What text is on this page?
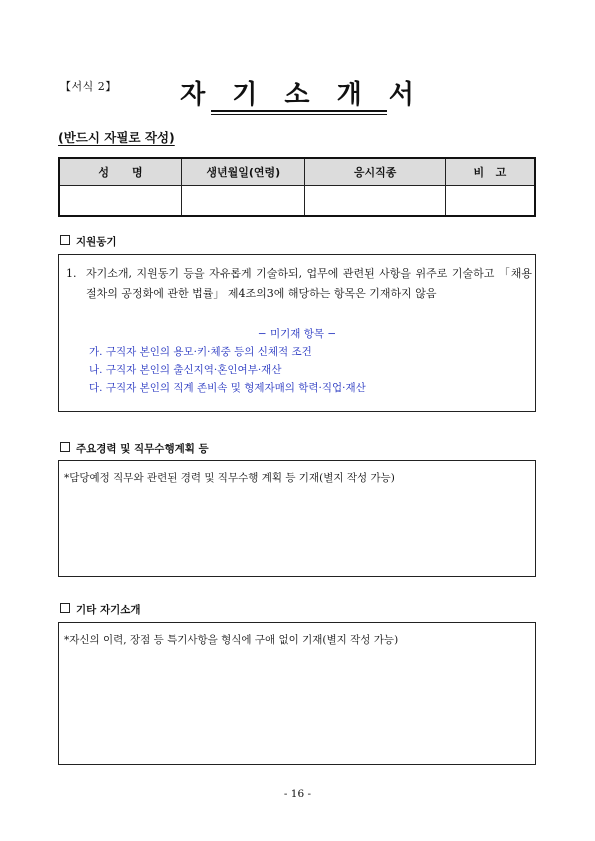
【서식 2】	자 기 소 개 서
(반드시 자필로 작성)
성      명	생년월일(연령)	응시직종	비   고

지원동기
1. 자기소개, 지원동기 등을 자유롭게 기술하되, 업무에 관련된 사항을 위주로 기술하고 「채용절차의 공정화에 관한 법률」 제4조의3에 해당하는 항목은 기재하지 않음
− 미기재 항목 −
가. 구직자 본인의 용모·키·체중 등의 신체적 조건
나. 구직자 본인의 출신지역·혼인여부·재산
다. 구직자 본인의 직계 존비속 및 형제자매의 학력·직업·재산
주요경력 및 직무수행계획 등
*담당예정 직무와 관련된 경력 및 직무수행 계획 등 기재(별지 작성 가능)
기타 자기소개
*자신의 이력, 장점 등 특기사항을 형식에 구애 없이 기재(별지 작성 가능)
- 16 -
